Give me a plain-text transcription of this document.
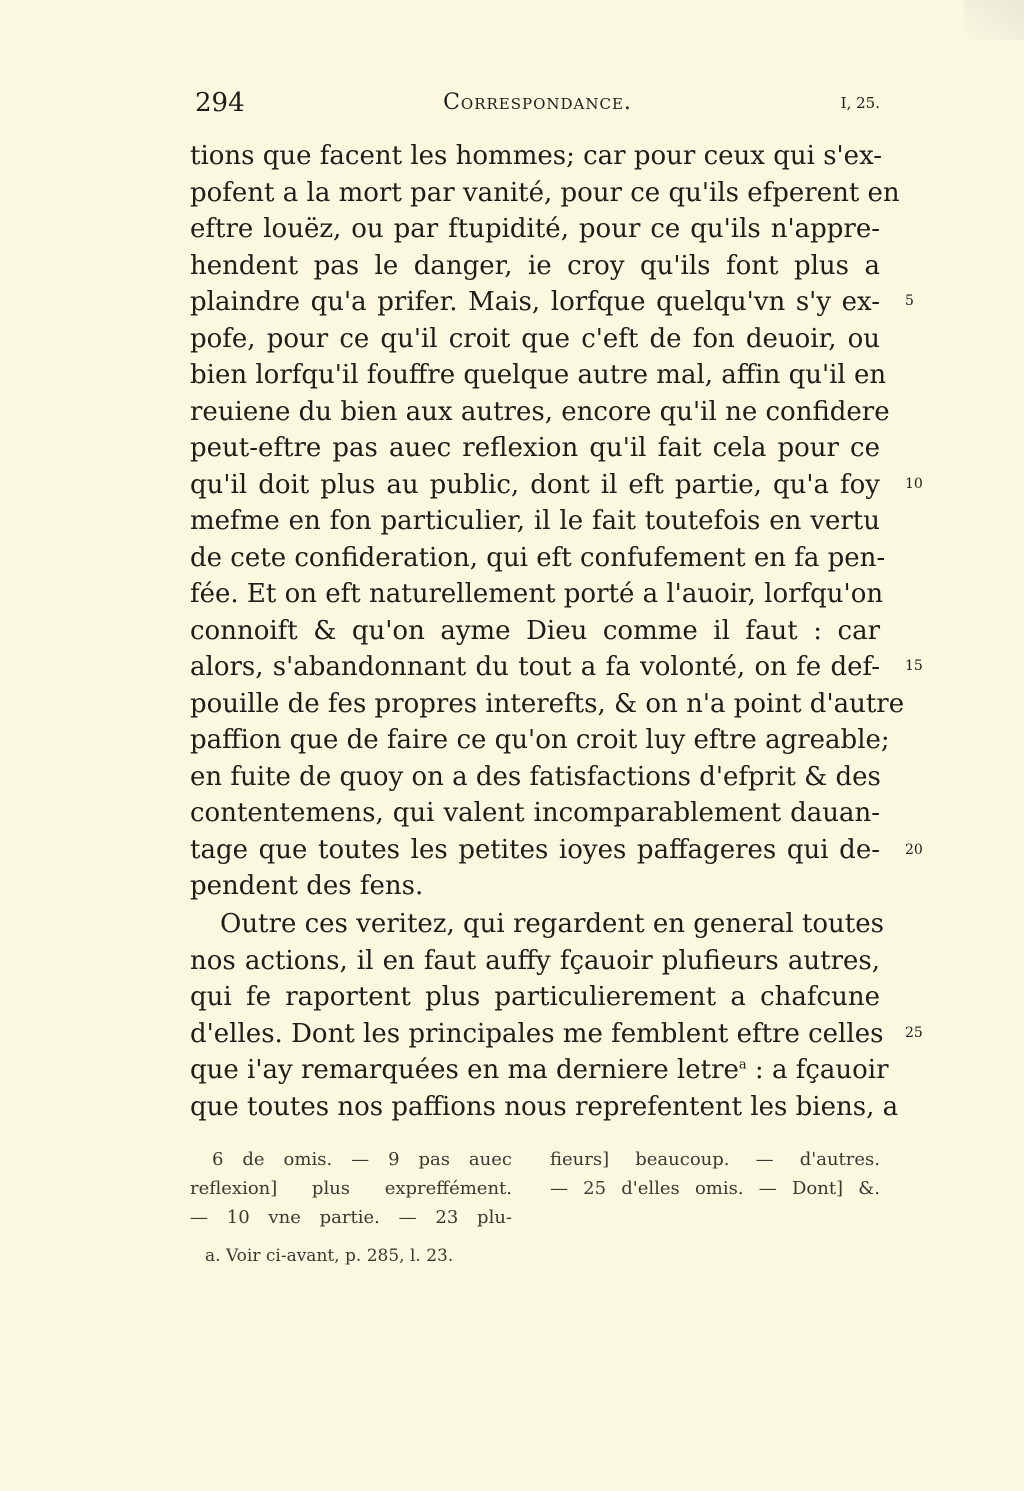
294	Correspondance.	I, 25.
tions que facent les hommes; car pour ceux qui s'ex-
pofent a la mort par vanité, pour ce qu'ils efperent en
eftre louëz, ou par ftupidité, pour ce qu'ils n'appre-
hendent pas le danger, ie croy qu'ils font plus a
plaindre qu'a prifer. Mais, lorfque quelqu'vn s'y ex-
pofe, pour ce qu'il croit que c'eft de fon deuoir, ou
bien lorfqu'il fouffre quelque autre mal, affin qu'il en
reuiene du bien aux autres, encore qu'il ne confidere
peut-eftre pas auec reflexion qu'il fait cela pour ce
qu'il doit plus au public, dont il eft partie, qu'a foy
mefme en fon particulier, il le fait toutefois en vertu
de cete confideration, qui eft confufement en fa pen-
fée. Et on eft naturellement porté a l'auoir, lorfqu'on
connoift & qu'on ayme Dieu comme il faut : car
alors, s'abandonnant du tout a fa volonté, on fe def-
pouille de fes propres interefts, & on n'a point d'autre
paffion que de faire ce qu'on croit luy eftre agreable;
en fuite de quoy on a des fatisfactions d'efprit & des
contentemens, qui valent incomparablement dauan-
tage que toutes les petites ioyes paffageres qui de-
pendent des fens.
Outre ces veritez, qui regardent en general toutes
nos actions, il en faut auffy fçauoir plufieurs autres,
qui fe raportent plus particulierement a chafcune
d'elles. Dont les principales me femblent eftre celles
que i'ay remarquées en ma derniere letre$^a$ : a fçauoir
que toutes nos paffions nous reprefentent les biens, a
5
10
15
20
25
6 de omis. — 9 pas auec
reflexion] plus expreffément.
— 10 vne partie. — 23 plu-
fieurs] beaucoup. — d'autres.
— 25 d'elles omis. — Dont] &.
a. Voir ci-avant, p. 285, l. 23.
